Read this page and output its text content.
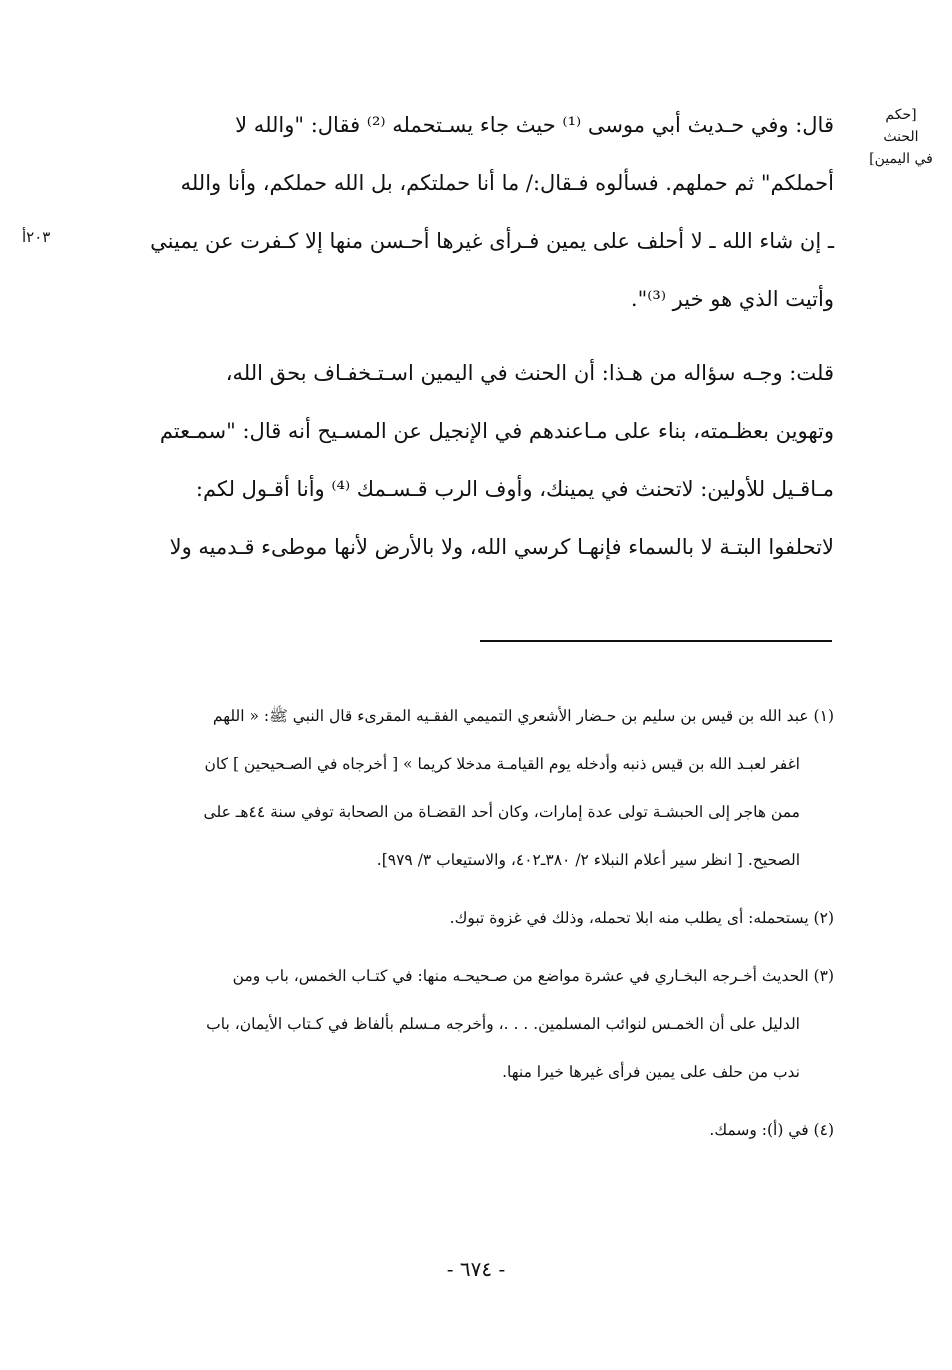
قال: وفي حـديث أبي موسى ⁽¹⁾ حيث جاء يسـتحمله ⁽²⁾ فقال: "والله لا
أحملكم" ثم حملهم. فسألوه فـقال:/ ما أنا حملتكم، بل الله حملكم، وأنا والله
ـ إن شاء الله ـ لا أحلف على يمين فـرأى غيرها أحـسن منها إلا كـفرت عن يميني
وأتيت الذي هو خير ⁽³⁾".

قلت: وجـه سؤاله من هـذا: أن الحنث في اليمين اسـتـخفـاف بحق الله،
وتهوين بعظـمته، بناء على مـاعندهم في الإنجيل عن المسـيح أنه قال: "سمـعتم
مـاقـيل للأولين: لاتحنث في يمينك، وأوف الرب قـسـمك ⁽⁴⁾ وأنا أقـول لكم:
لاتحلفوا البتـة لا بالسماء فإنهـا كرسي الله، ولا بالأرض لأنها موطىء قـدميه ولا

[حكم
الحنث
في اليمين]
٢٠٣أ

(١) عبد الله بن قيس بن سليم بن حـضار الأشعري التميمي الفقـيه المقرىء قال النبي ﷺ: « اللهم
اغفر لعبـد الله بن قيس ذنبه وأدخله يوم القيامـة مدخلا كريما » [ أخرجاه في الصـحيحين ] كان
ممن هاجر إلى الحبشـة تولى عدة إمارات، وكان أحد القضـاة من الصحابة توفي سنة ٤٤هـ على
الصحيح. [ انظر سير أعلام النبلاء ٢/ ٣٨٠ـ٤٠٢، والاستيعاب ٣/ ٩٧٩].

(٢) يستحمله: أى يطلب منه ابلا تحمله، وذلك في غزوة تبوك.

(٣) الحديث أخـرجه البخـاري في عشرة مواضع من صـحيحـه منها: في كتـاب الخمس، باب ومن
الدليل على أن الخمـس لنوائب المسلمين. . . .، وأخرجه مـسلم بألفاظ في كـتاب الأيمان، باب
ندب من حلف على يمين فرأى غيرها خيرا منها.

(٤) في (أ): وسمك.

- ٦٧٤ -
